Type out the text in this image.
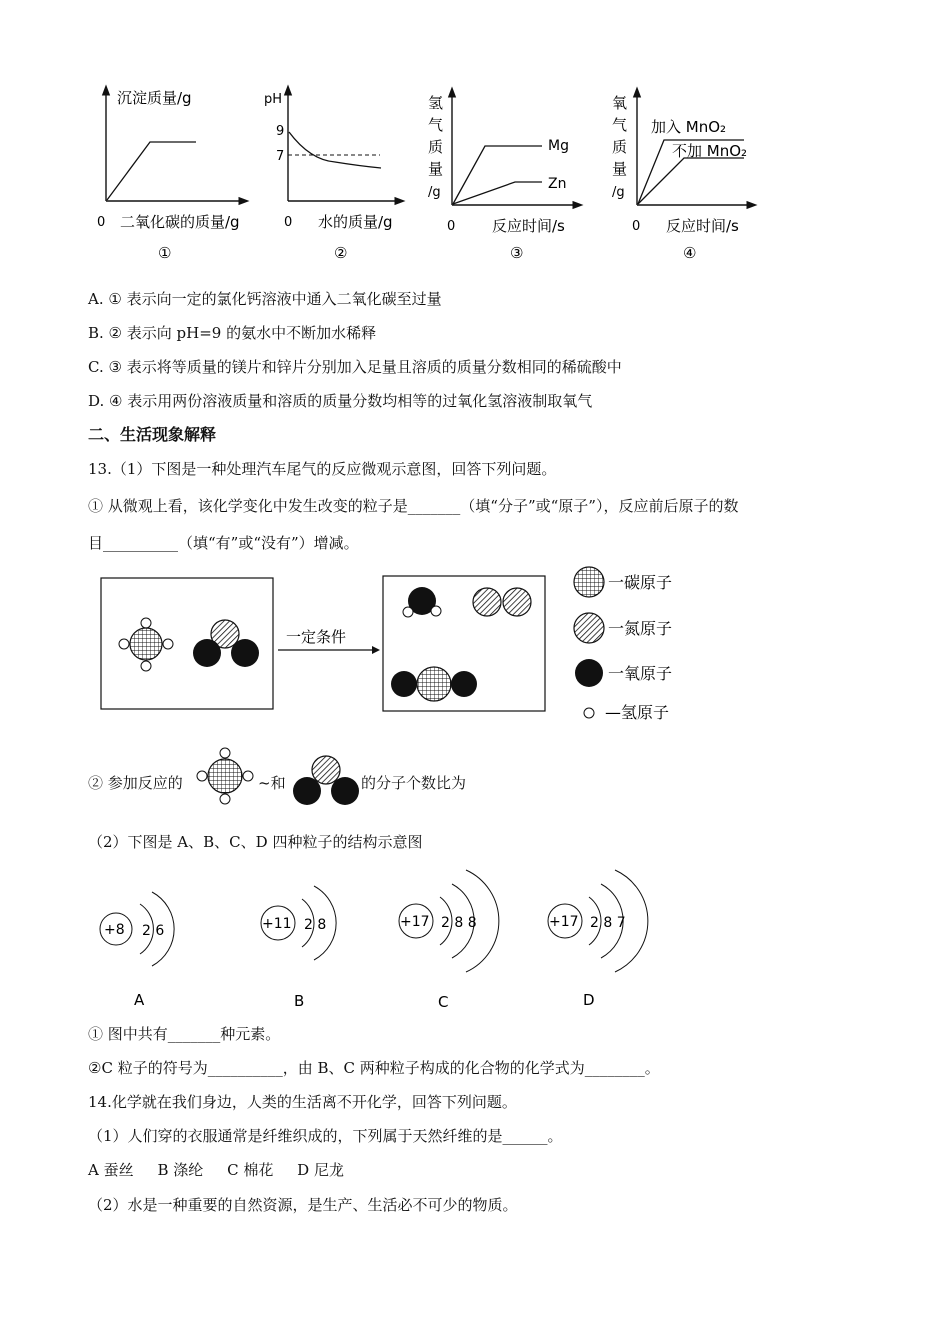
沉淀质量/g
0 二氧化碳的质量/g
①
pH
9
7
0 水的质量/g
②
氢
气
质
量
/g
Mg
Zn
0 反应时间/s
③
氧
气
质
量
/g
加入 MnO₂
不加 MnO₂
0 反应时间/s
④
A. ① 表示向一定的氯化钙溶液中通入二氧化碳至过量
B. ② 表示向 pH=9 的氨水中不断加水稀释
C. ③ 表示将等质量的镁片和锌片分别加入足量且溶质的质量分数相同的稀硫酸中
D. ④ 表示用两份溶液质量和溶质的质量分数均相等的过氧化氢溶液制取氧气
二、生活现象解释
13.（1）下图是一种处理汽车尾气的反应微观示意图，回答下列问题。
① 从微观上看，该化学变化中发生改变的粒子是_______（填“分子”或“原子”），反应前后原子的数
目__________（填“有”或“没有”）增减。
一定条件
一碳原子
一氮原子
一氧原子
—氢原子
② 参加反应的	~和	的分子个数比为
（2）下图是 A、B、C、D 四种粒子的结构示意图
+8 2 6
A
+11 2 8
B
+17 2 8 8
C
+17 2 8 7
D
① 图中共有_______种元素。
②C 粒子的符号为__________，由 B、C 两种粒子构成的化合物的化学式为________。
14.化学就在我们身边，人类的生活离不开化学，回答下列问题。
（1）人们穿的衣服通常是纤维织成的，下列属于天然纤维的是______。
A 蚕丝     B 涤纶     C 棉花     D 尼龙
（2）水是一种重要的自然资源，是生产、生活必不可少的物质。
